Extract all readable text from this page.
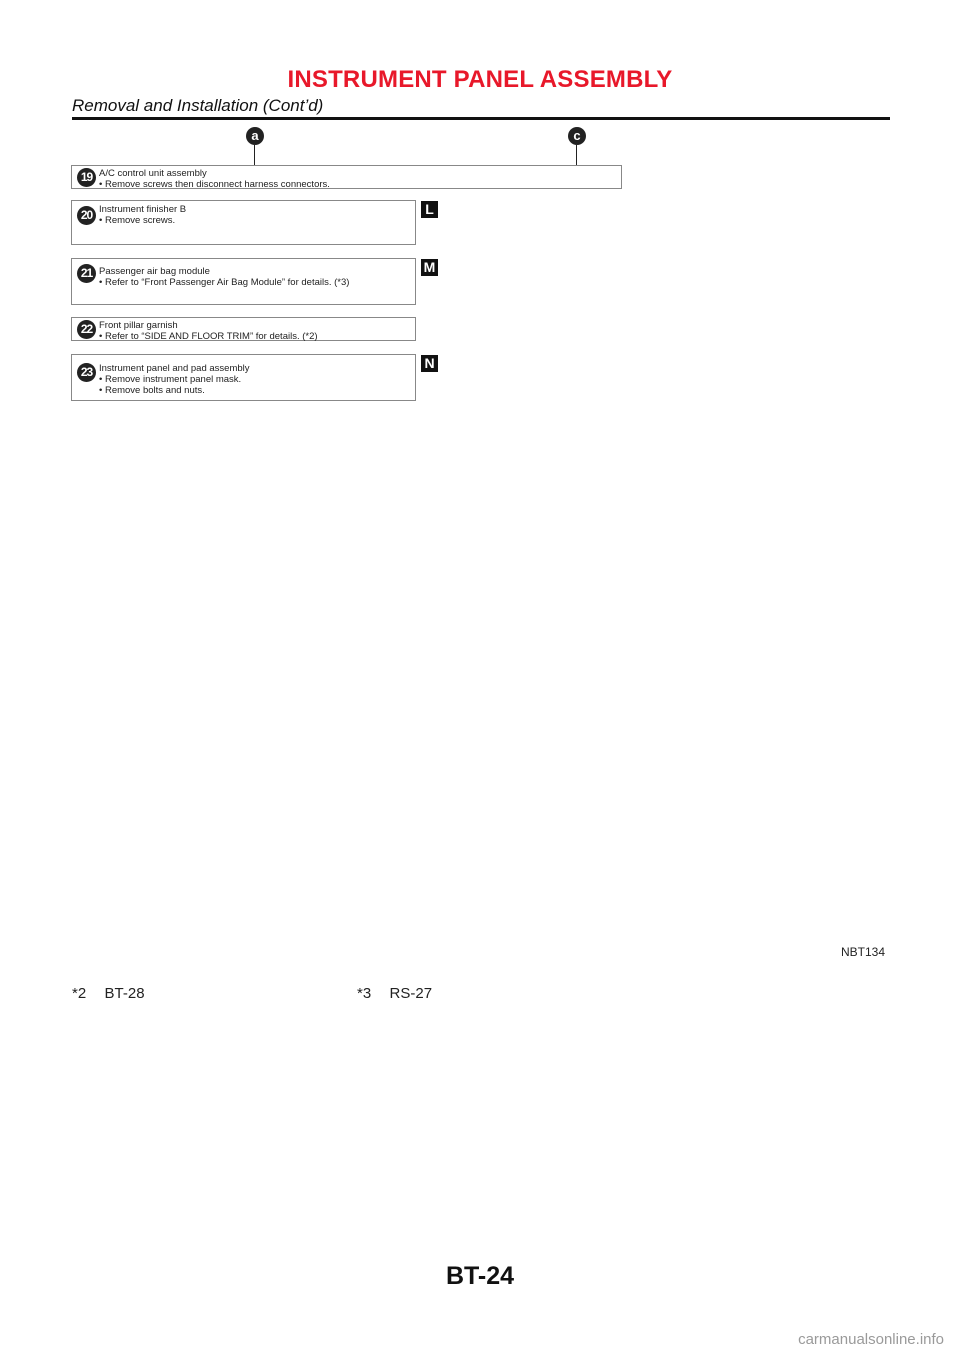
INSTRUMENT PANEL ASSEMBLY
Removal and Installation (Cont’d)
a	c
19 A/C control unit assembly
• Remove screws then disconnect harness connectors.
20 Instrument finisher B
• Remove screws.
L
21 Passenger air bag module
• Refer to “Front Passenger Air Bag Module” for details. (*3)
M
22 Front pillar garnish
• Refer to “SIDE AND FLOOR TRIM” for details. (*2)
23 Instrument panel and pad assembly
• Remove instrument panel mask.
• Remove bolts and nuts.
N
NBT134
*2 BT-28	*3 RS-27
BT-24
carmanualsonline.info
